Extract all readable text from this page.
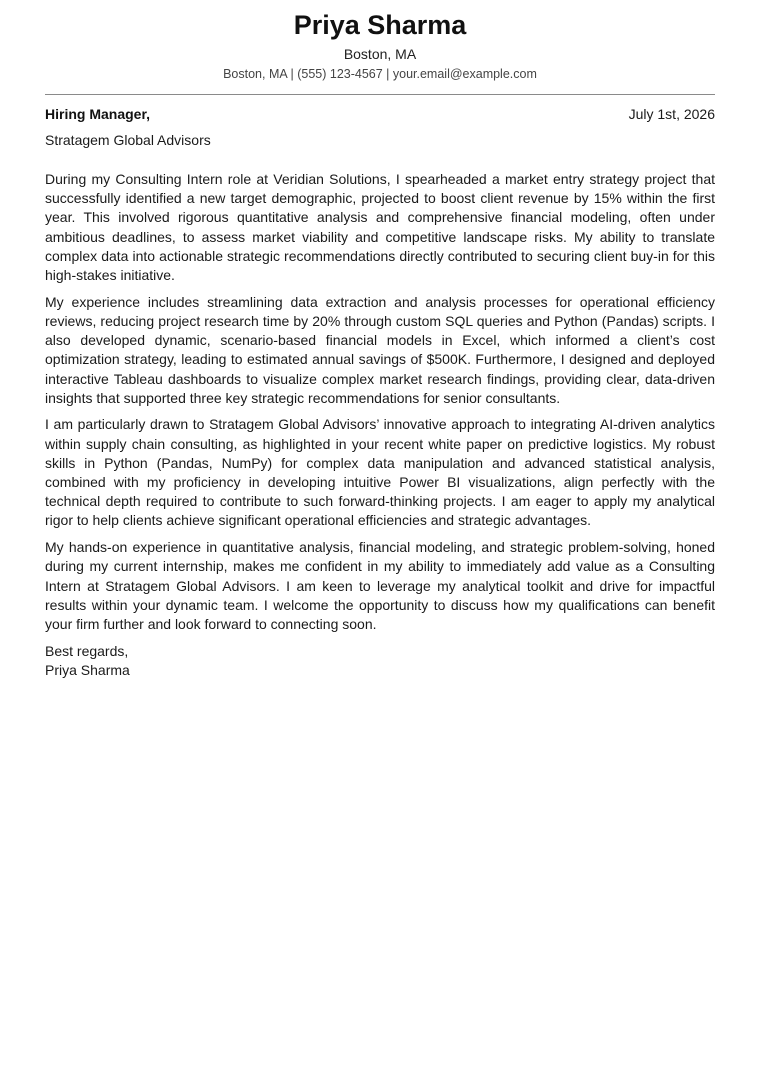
Priya Sharma
Boston, MA
Boston, MA | (555) 123-4567 | your.email@example.com
Hiring Manager,	July 1st, 2026
Stratagem Global Advisors

During my Consulting Intern role at Veridian Solutions, I spearheaded a market entry strategy project that successfully identified a new target demographic, projected to boost client revenue by 15% within the first year. This involved rigorous quantitative analysis and comprehensive financial modeling, often under ambitious deadlines, to assess market viability and competitive landscape risks. My ability to translate complex data into actionable strategic recommendations directly contributed to securing client buy-in for this high-stakes initiative.

My experience includes streamlining data extraction and analysis processes for operational efficiency reviews, reducing project research time by 20% through custom SQL queries and Python (Pandas) scripts. I also developed dynamic, scenario-based financial models in Excel, which informed a client’s cost optimization strategy, leading to estimated annual savings of $500K. Furthermore, I designed and deployed interactive Tableau dashboards to visualize complex market research findings, providing clear, data-driven insights that supported three key strategic recommendations for senior consultants.

I am particularly drawn to Stratagem Global Advisors’ innovative approach to integrating AI-driven analytics within supply chain consulting, as highlighted in your recent white paper on predictive logistics. My robust skills in Python (Pandas, NumPy) for complex data manipulation and advanced statistical analysis, combined with my proficiency in developing intuitive Power BI visualizations, align perfectly with the technical depth required to contribute to such forward-thinking projects. I am eager to apply my analytical rigor to help clients achieve significant operational efficiencies and strategic advantages.

My hands-on experience in quantitative analysis, financial modeling, and strategic problem-solving, honed during my current internship, makes me confident in my ability to immediately add value as a Consulting Intern at Stratagem Global Advisors. I am keen to leverage my analytical toolkit and drive for impactful results within your dynamic team. I welcome the opportunity to discuss how my qualifications can benefit your firm further and look forward to connecting soon.

Best regards,
Priya Sharma
